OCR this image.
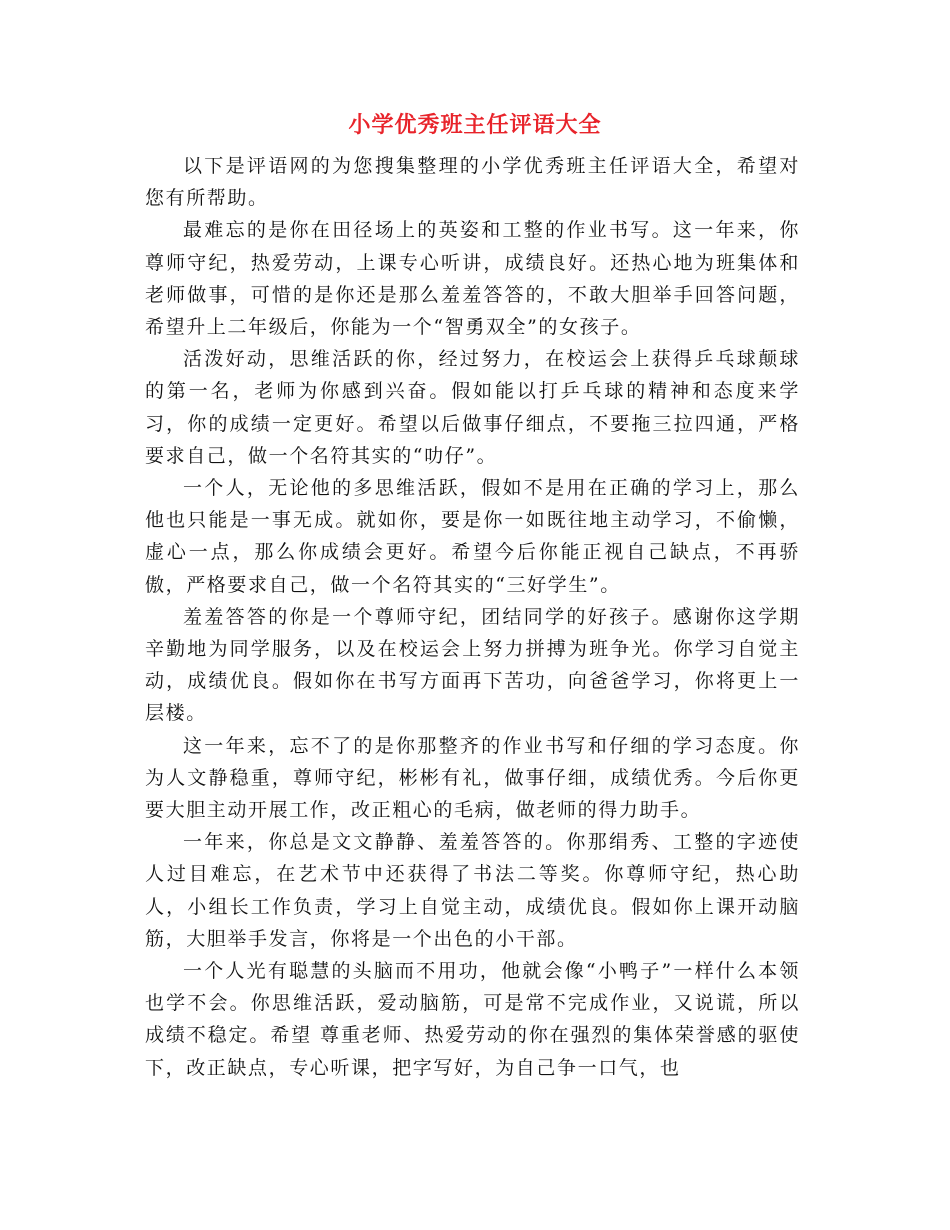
小学优秀班主任评语大全

以下是评语网的为您搜集整理的小学优秀班主任评语大全，希望对您有所帮助。

最难忘的是你在田径场上的英姿和工整的作业书写。这一年来，你尊师守纪，热爱劳动，上课专心听讲，成绩良好。还热心地为班集体和老师做事，可惜的是你还是那么羞羞答答的，不敢大胆举手回答问题，希望升上二年级后，你能为一个“智勇双全”的女孩子。

活泼好动，思维活跃的你，经过努力，在校运会上获得乒乓球颠球的第一名，老师为你感到兴奋。假如能以打乒乓球的精神和态度来学习，你的成绩一定更好。希望以后做事仔细点，不要拖三拉四通，严格要求自己，做一个名符其实的“叻仔”。

一个人，无论他的多思维活跃，假如不是用在正确的学习上，那么他也只能是一事无成。就如你，要是你一如既往地主动学习，不偷懒，虚心一点，那么你成绩会更好。希望今后你能正视自己缺点，不再骄傲，严格要求自己，做一个名符其实的“三好学生”。

羞羞答答的你是一个尊师守纪，团结同学的好孩子。感谢你这学期辛勤地为同学服务，以及在校运会上努力拼搏为班争光。你学习自觉主动，成绩优良。假如你在书写方面再下苦功，向爸爸学习，你将更上一层楼。

这一年来，忘不了的是你那整齐的作业书写和仔细的学习态度。你为人文静稳重，尊师守纪，彬彬有礼，做事仔细，成绩优秀。今后你更要大胆主动开展工作，改正粗心的毛病，做老师的得力助手。

一年来，你总是文文静静、羞羞答答的。你那绢秀、工整的字迹使人过目难忘，在艺术节中还获得了书法二等奖。你尊师守纪，热心助人，小组长工作负责，学习上自觉主动，成绩优良。假如你上课开动脑筋，大胆举手发言，你将是一个出色的小干部。

一个人光有聪慧的头脑而不用功，他就会像“小鸭子”一样什么本领也学不会。你思维活跃，爱动脑筋，可是常不完成作业，又说谎，所以成绩不稳定。希望 尊重老师、热爱劳动的你在强烈的集体荣誉感的驱使下，改正缺点，专心听课，把字写好，为自己争一口气，也
